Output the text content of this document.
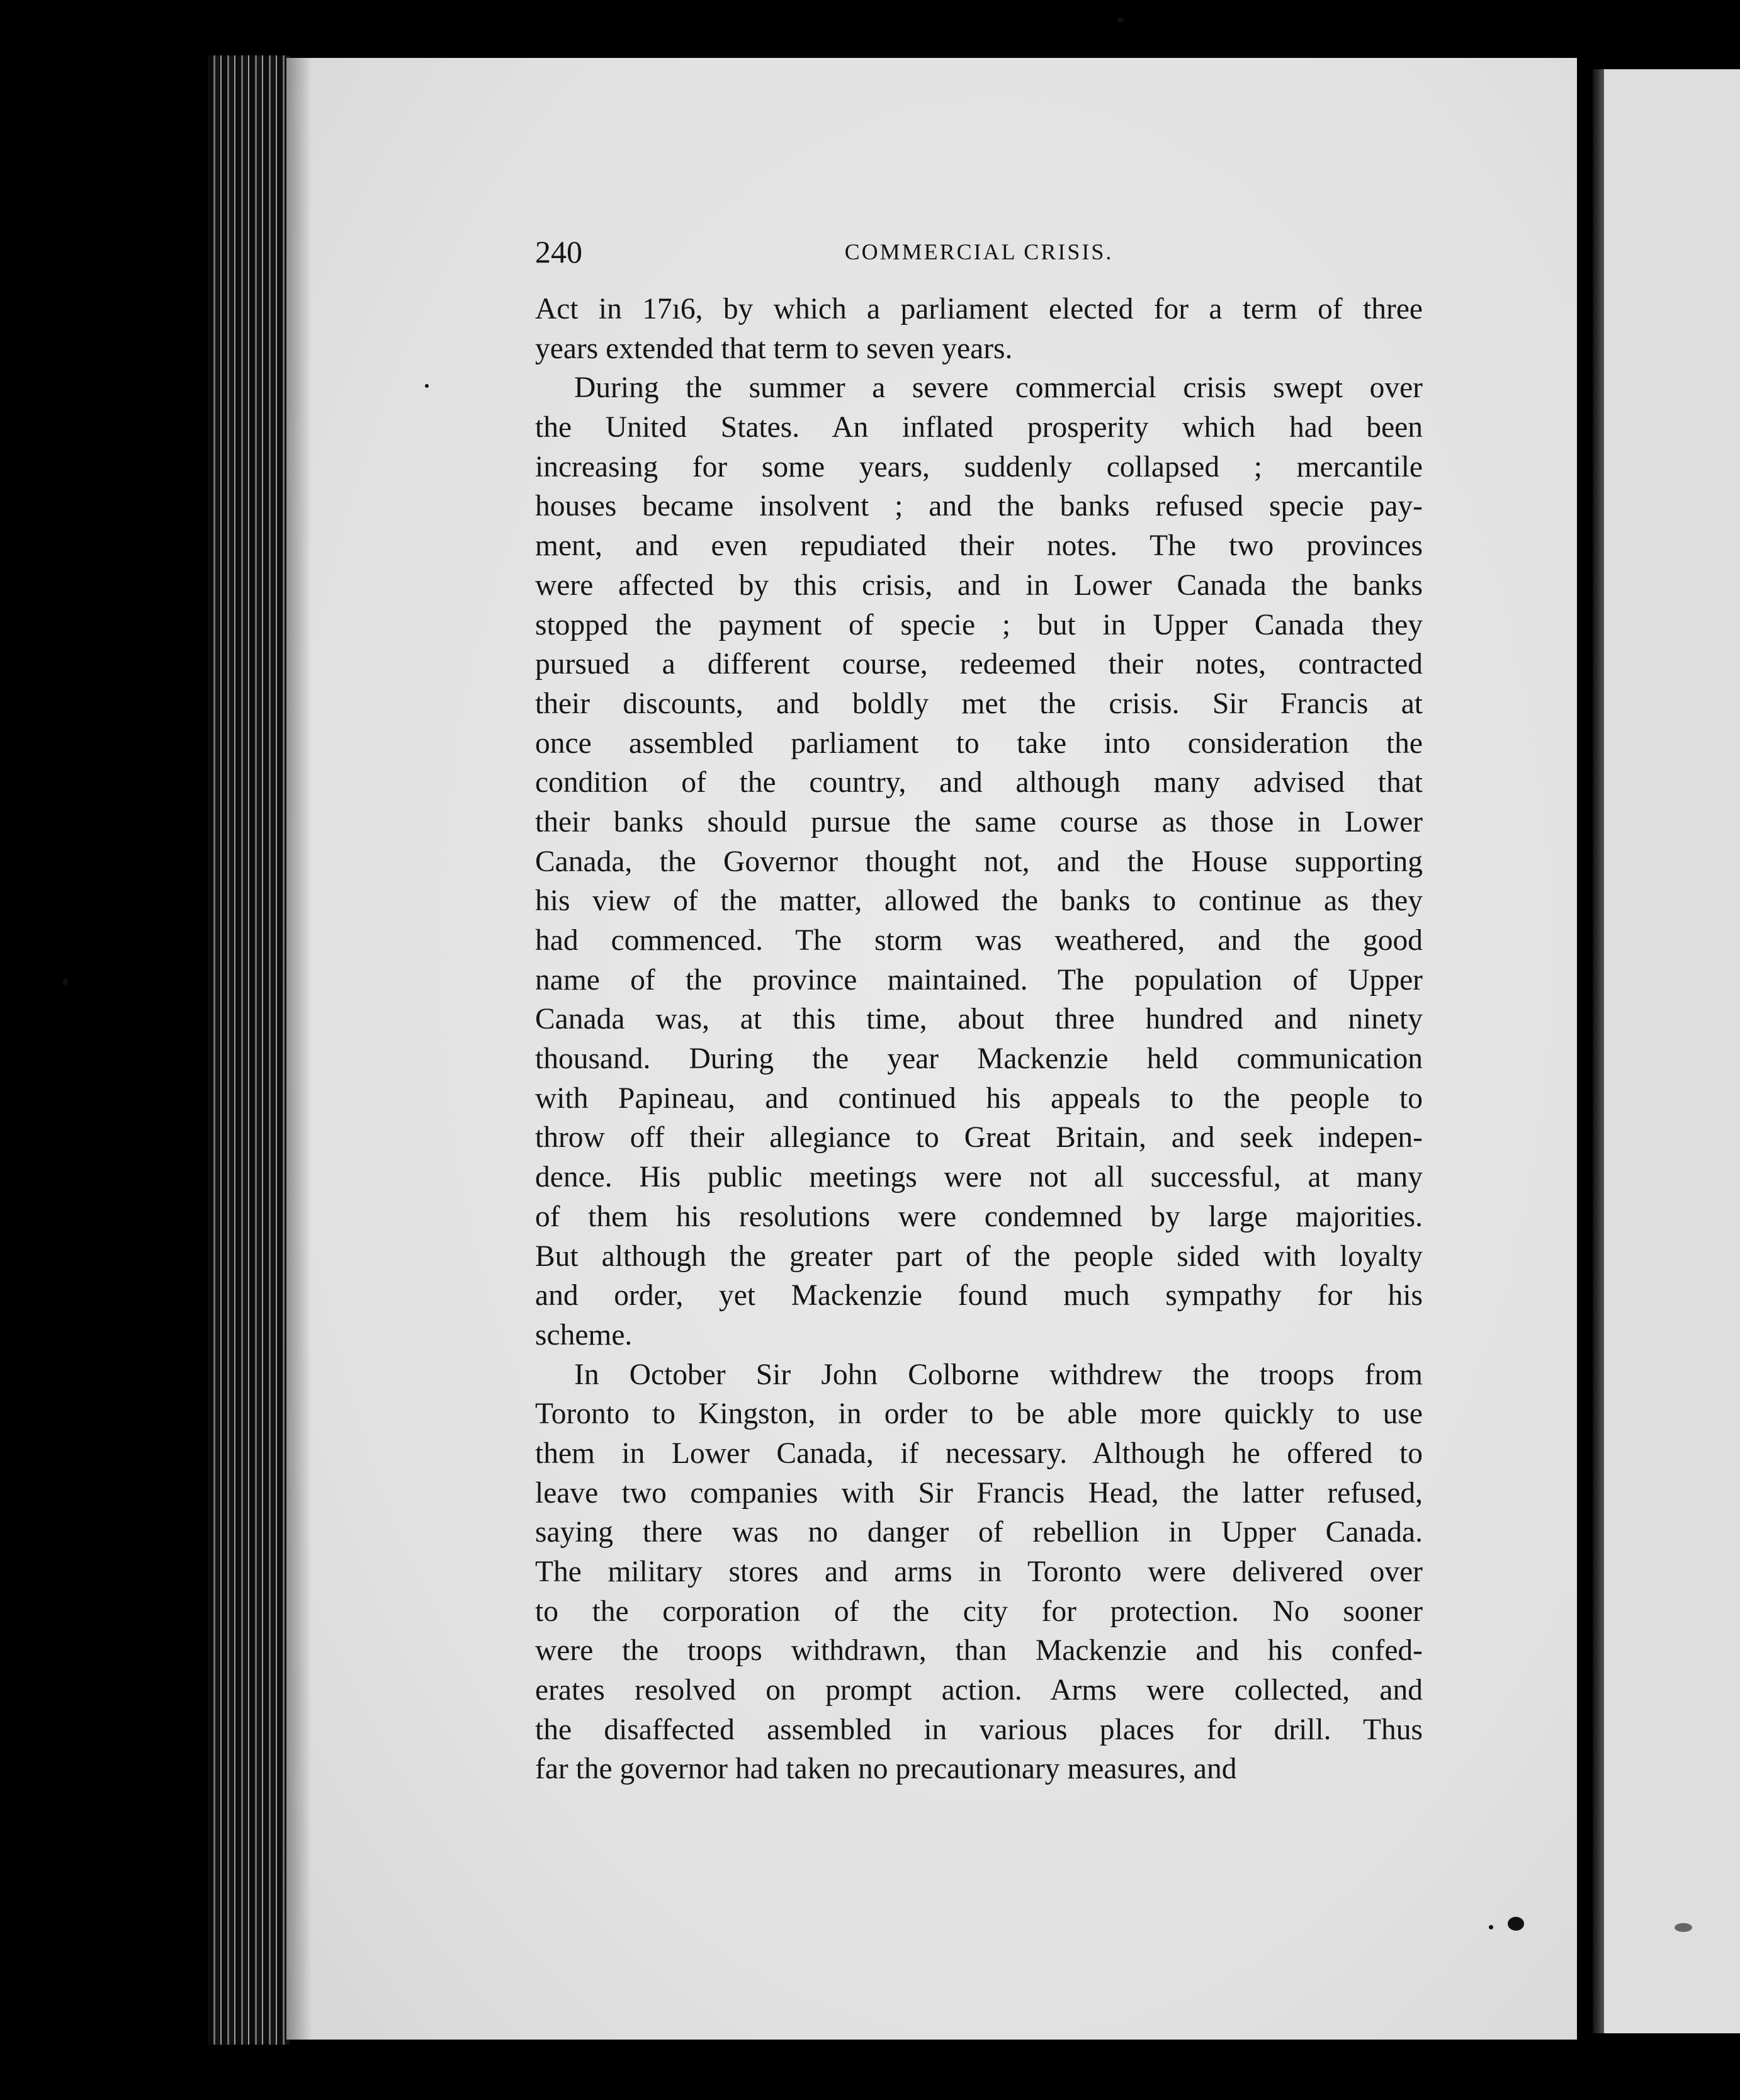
240	COMMERCIAL CRISIS.
Act in 17ı6, by which a parliament elected for a term of three
years extended that term to seven years.
During the summer a severe commercial crisis swept over
the United States. An inflated prosperity which had been
increasing for some years, suddenly collapsed ; mercantile
houses became insolvent ; and the banks refused specie pay-
ment, and even repudiated their notes. The two provinces
were affected by this crisis, and in Lower Canada the banks
stopped the payment of specie ; but in Upper Canada they
pursued a different course, redeemed their notes, contracted
their discounts, and boldly met the crisis. Sir Francis at
once assembled parliament to take into consideration the
condition of the country, and although many advised that
their banks should pursue the same course as those in Lower
Canada, the Governor thought not, and the House supporting
his view of the matter, allowed the banks to continue as they
had commenced. The storm was weathered, and the good
name of the province maintained. The population of Upper
Canada was, at this time, about three hundred and ninety
thousand. During the year Mackenzie held communication
with Papineau, and continued his appeals to the people to
throw off their allegiance to Great Britain, and seek indepen-
dence. His public meetings were not all successful, at many
of them his resolutions were condemned by large majorities.
But although the greater part of the people sided with loyalty
and order, yet Mackenzie found much sympathy for his
scheme.
In October Sir John Colborne withdrew the troops from
Toronto to Kingston, in order to be able more quickly to use
them in Lower Canada, if necessary. Although he offered to
leave two companies with Sir Francis Head, the latter refused,
saying there was no danger of rebellion in Upper Canada.
The military stores and arms in Toronto were delivered over
to the corporation of the city for protection. No sooner
were the troops withdrawn, than Mackenzie and his confed-
erates resolved on prompt action. Arms were collected, and
the disaffected assembled in various places for drill. Thus
far the governor had taken no precautionary measures, and
